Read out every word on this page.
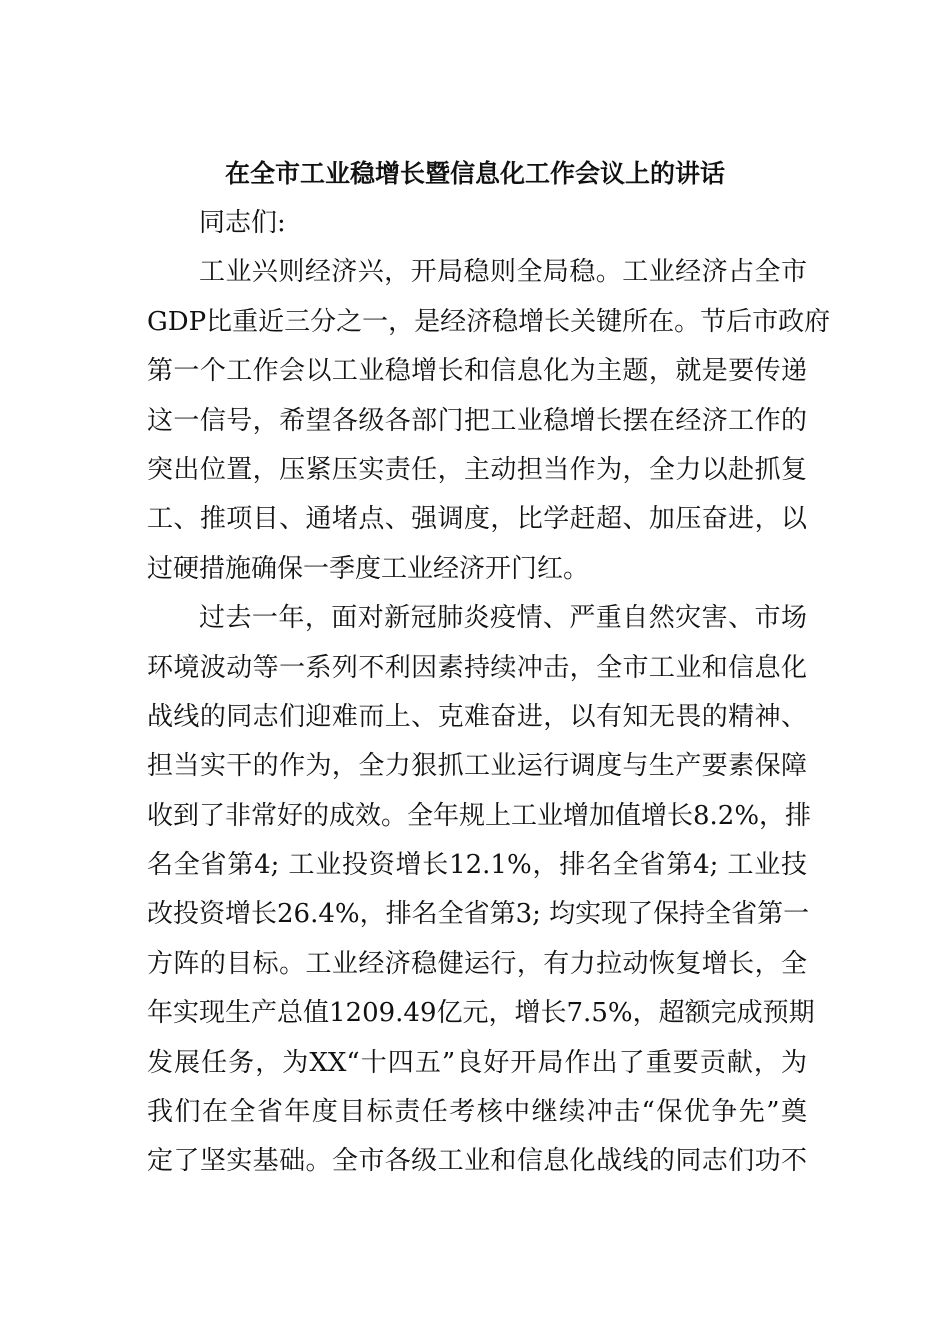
在全市工业稳增长暨信息化工作会议上的讲话
同志们:
工业兴则经济兴，开局稳则全局稳。工业经济占全市
GDP比重近三分之一，是经济稳增长关键所在。节后市政府
第一个工作会以工业稳增长和信息化为主题，就是要传递
这一信号，希望各级各部门把工业稳增长摆在经济工作的
突出位置，压紧压实责任，主动担当作为，全力以赴抓复
工、推项目、通堵点、强调度，比学赶超、加压奋进，以
过硬措施确保一季度工业经济开门红。
过去一年，面对新冠肺炎疫情、严重自然灾害、市场
环境波动等一系列不利因素持续冲击，全市工业和信息化
战线的同志们迎难而上、克难奋进，以有知无畏的精神、
担当实干的作为，全力狠抓工业运行调度与生产要素保障
收到了非常好的成效。全年规上工业增加值增长8.2%，排
名全省第4; 工业投资增长12.1%，排名全省第4; 工业技
改投资增长26.4%，排名全省第3; 均实现了保持全省第一
方阵的目标。工业经济稳健运行，有力拉动恢复增长，全
年实现生产总值1209.49亿元，增长7.5%，超额完成预期
发展任务，为XX“十四五”良好开局作出了重要贡献，为
我们在全省年度目标责任考核中继续冲击“保优争先”奠
定了坚实基础。全市各级工业和信息化战线的同志们功不
